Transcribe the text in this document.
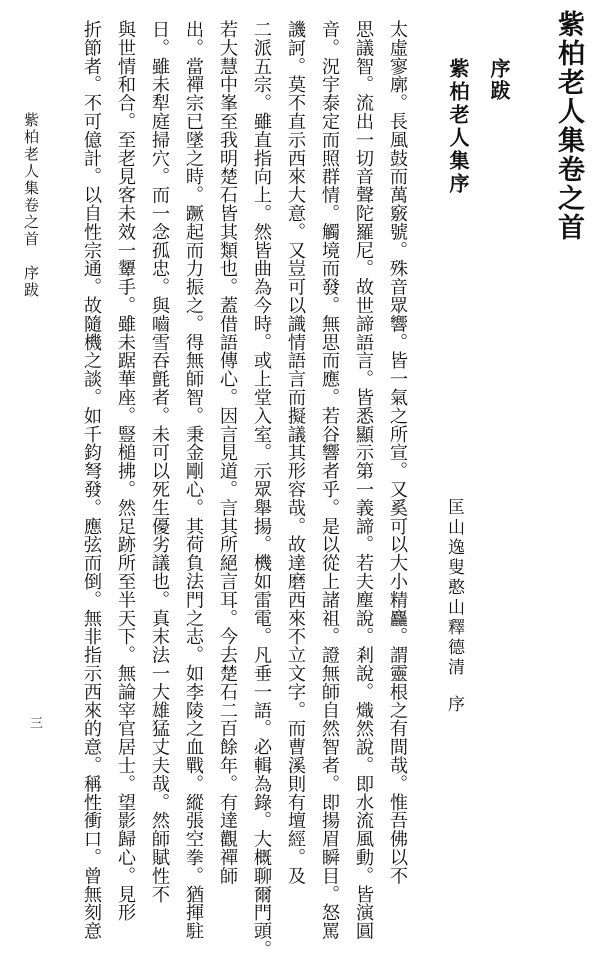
紫柏老人集卷之首
序跋
紫柏老人集序
匡山逸叟憨山釋德清　序
太虛寥廓。長風鼓而萬竅號。殊音眾響。皆一氣之所宣。又奚可以大小精麤。謂靈根之有間哉。惟吾佛以不
思議智。流出一切音聲陀羅尼。故世諦語言。皆悉顯示第一義諦。若夫塵說。剎說。熾然說。即水流風動。皆演圓
音。況宇泰定而照群情。觸境而發。無思而應。若谷響者乎。是以從上諸祖。證無師自然智者。即揚眉瞬目。怒罵
譏訶。莫不直示西來大意。又豈可以識情語言而擬議其形容哉。故達磨西來不立文字。而曹溪則有壇經。及
二派五宗。雖直指向上。然皆曲為今時。或上堂入室。示眾舉揚。機如雷電。凡垂一語。必輯為錄。大概聊爾門頭。
若大慧中峯至我明楚石皆其類也。蓋借語傳心。因言見道。言其所絕言耳。今去楚石二百餘年。有達觀禪師
出。當禪宗已墜之時。蹶起而力振之。得無師智。秉金剛心。其荷負法門之志。如李陵之血戰。縱張空拳。猶揮駐
日。雖未犁庭掃穴。而一念孤忠。與嚙雪吞氈者。未可以死生優劣議也。真末法一大雄猛丈夫哉。然師賦性不
與世情和合。至老見客未效一顰手。雖未踞華座。豎槌拂。然足跡所至半天下。無論宰官居士。望影歸心。見形
折節者。不可億計。以自性宗通。故隨機之談。如千鈞弩發。應弦而倒。無非指示西來的意。稱性衝口。曾無刻意
紫柏老人集卷之首　序跋
三
